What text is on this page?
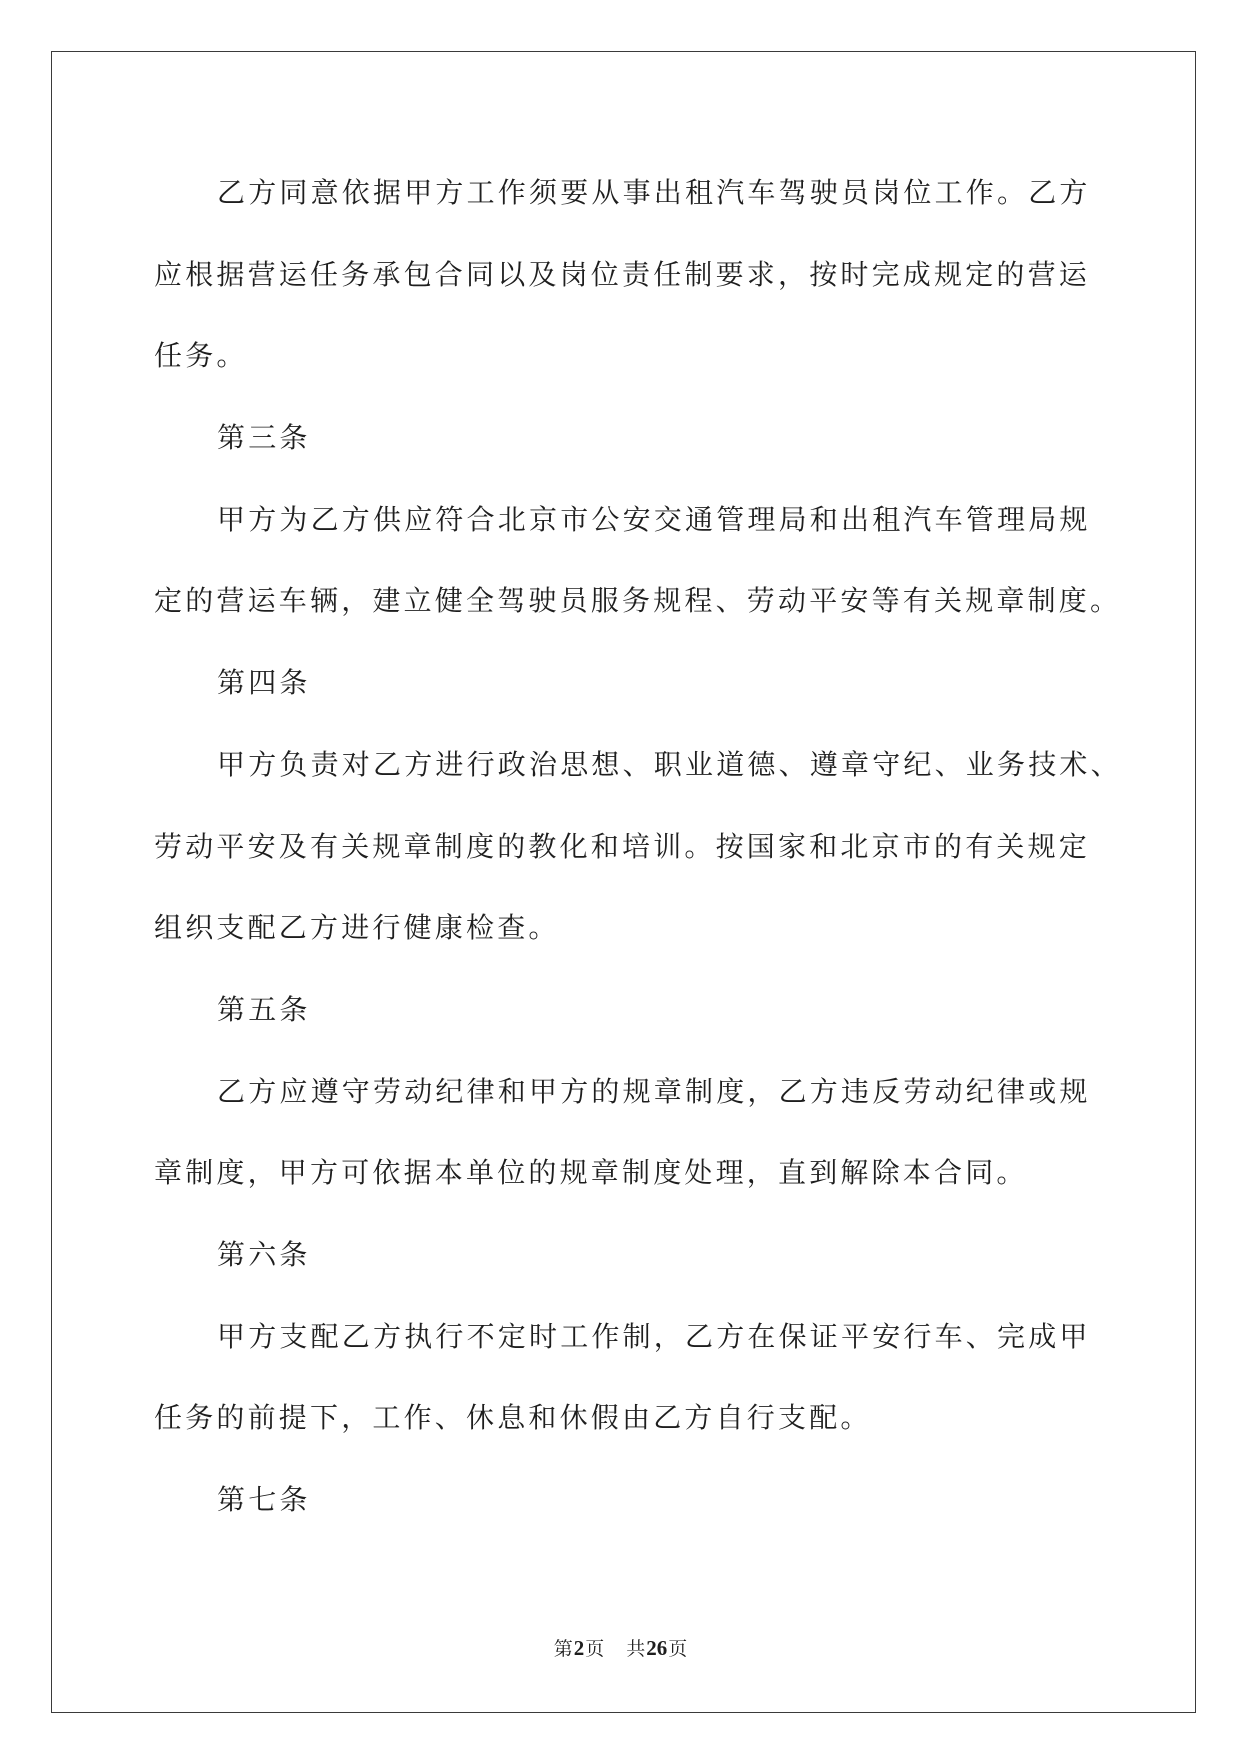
乙方同意依据甲方工作须要从事出租汽车驾驶员岗位工作。乙方
应根据营运任务承包合同以及岗位责任制要求，按时完成规定的营运
任务。
第三条
甲方为乙方供应符合北京市公安交通管理局和出租汽车管理局规
定的营运车辆，建立健全驾驶员服务规程、劳动平安等有关规章制度。
第四条
甲方负责对乙方进行政治思想、职业道德、遵章守纪、业务技术、
劳动平安及有关规章制度的教化和培训。按国家和北京市的有关规定
组织支配乙方进行健康检查。
第五条
乙方应遵守劳动纪律和甲方的规章制度，乙方违反劳动纪律或规
章制度，甲方可依据本单位的规章制度处理，直到解除本合同。
第六条
甲方支配乙方执行不定时工作制，乙方在保证平安行车、完成甲
任务的前提下，工作、休息和休假由乙方自行支配。
第七条
第2页 共26页
